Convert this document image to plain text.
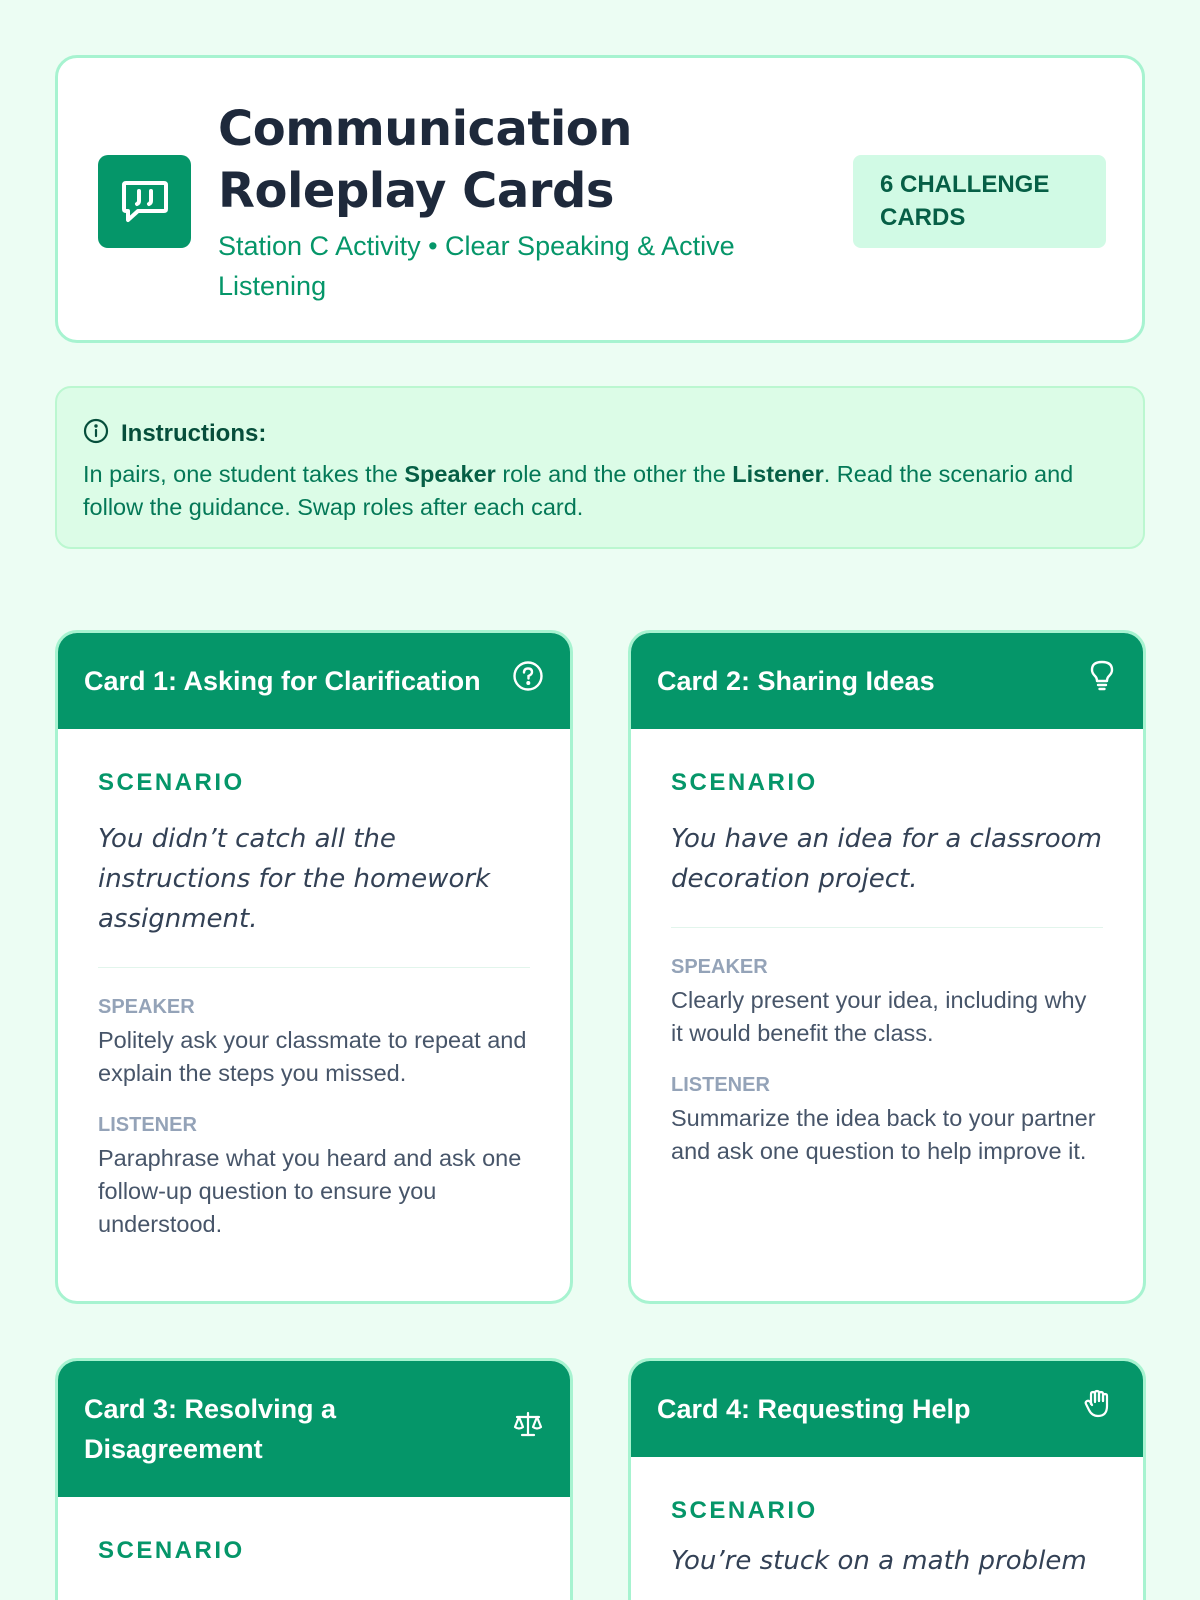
Communication
Roleplay Cards
Station C Activity • Clear Speaking & Active Listening
6 CHALLENGE CARDS
Instructions:
In pairs, one student takes the Speaker role and the other the Listener. Read the scenario and follow the guidance. Swap roles after each card.
Card 1: Asking for Clarification
SCENARIO
You didn’t catch all the instructions for the homework assignment.
SPEAKER
Politely ask your classmate to repeat and explain the steps you missed.
LISTENER
Paraphrase what you heard and ask one follow-up question to ensure you understood.
Card 2: Sharing Ideas
SCENARIO
You have an idea for a classroom decoration project.
SPEAKER
Clearly present your idea, including why it would benefit the class.
LISTENER
Summarize the idea back to your partner and ask one question to help improve it.
Card 3: Resolving a Disagreement
SCENARIO
Card 4: Requesting Help
SCENARIO
You’re stuck on a math problem
